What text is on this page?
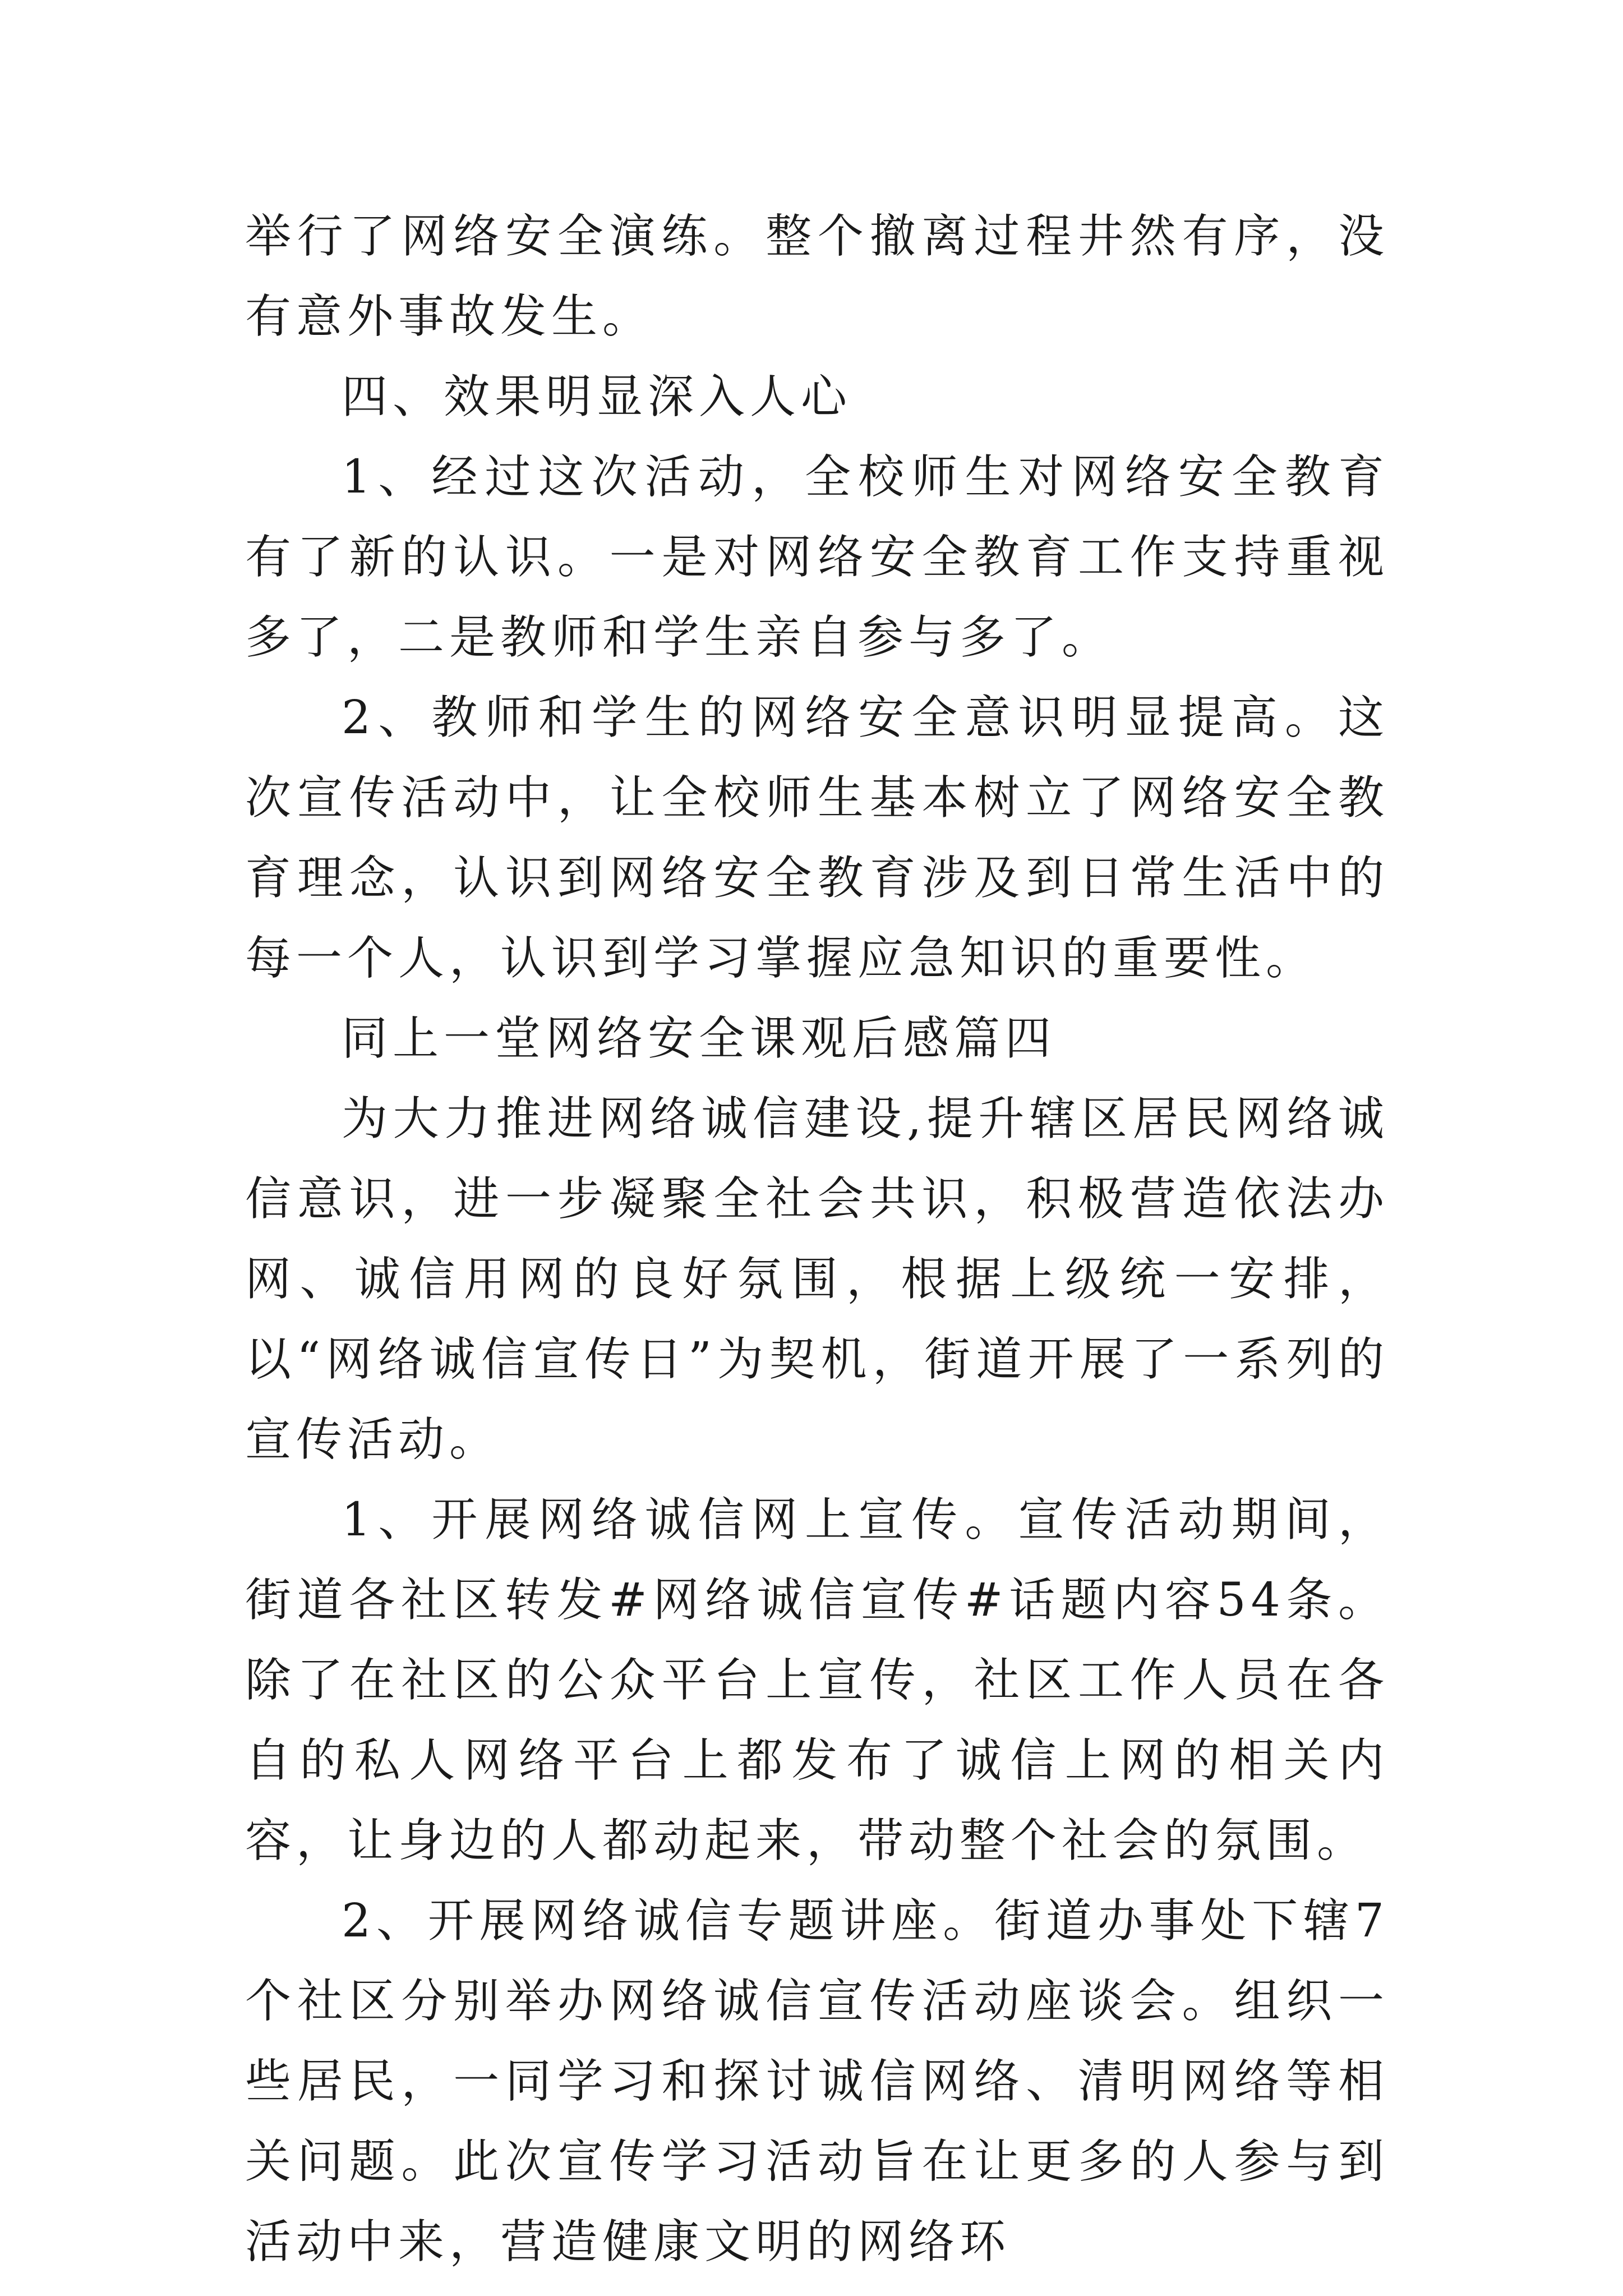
举行了网络安全演练。整个撤离过程井然有序，没有意外事故发生。

四、效果明显深入人心

1、经过这次活动，全校师生对网络安全教育有了新的认识。一是对网络安全教育工作支持重视多了，二是教师和学生亲自参与多了。

2、教师和学生的网络安全意识明显提高。这次宣传活动中，让全校师生基本树立了网络安全教育理念，认识到网络安全教育涉及到日常生活中的每一个人，认识到学习掌握应急知识的重要性。

同上一堂网络安全课观后感篇四

为大力推进网络诚信建设,提升辖区居民网络诚信意识，进一步凝聚全社会共识，积极营造依法办网、诚信用网的良好氛围，根据上级统一安排，以“网络诚信宣传日”为契机，街道开展了一系列的宣传活动。

1、开展网络诚信网上宣传。宣传活动期间，街道各社区转发#网络诚信宣传#话题内容54条。除了在社区的公众平台上宣传，社区工作人员在各自的私人网络平台上都发布了诚信上网的相关内容，让身边的人都动起来，带动整个社会的氛围。

2、开展网络诚信专题讲座。街道办事处下辖7个社区分别举办网络诚信宣传活动座谈会。组织一些居民，一同学习和探讨诚信网络、清明网络等相关问题。此次宣传学习活动旨在让更多的人参与到活动中来，营造健康文明的网络环
